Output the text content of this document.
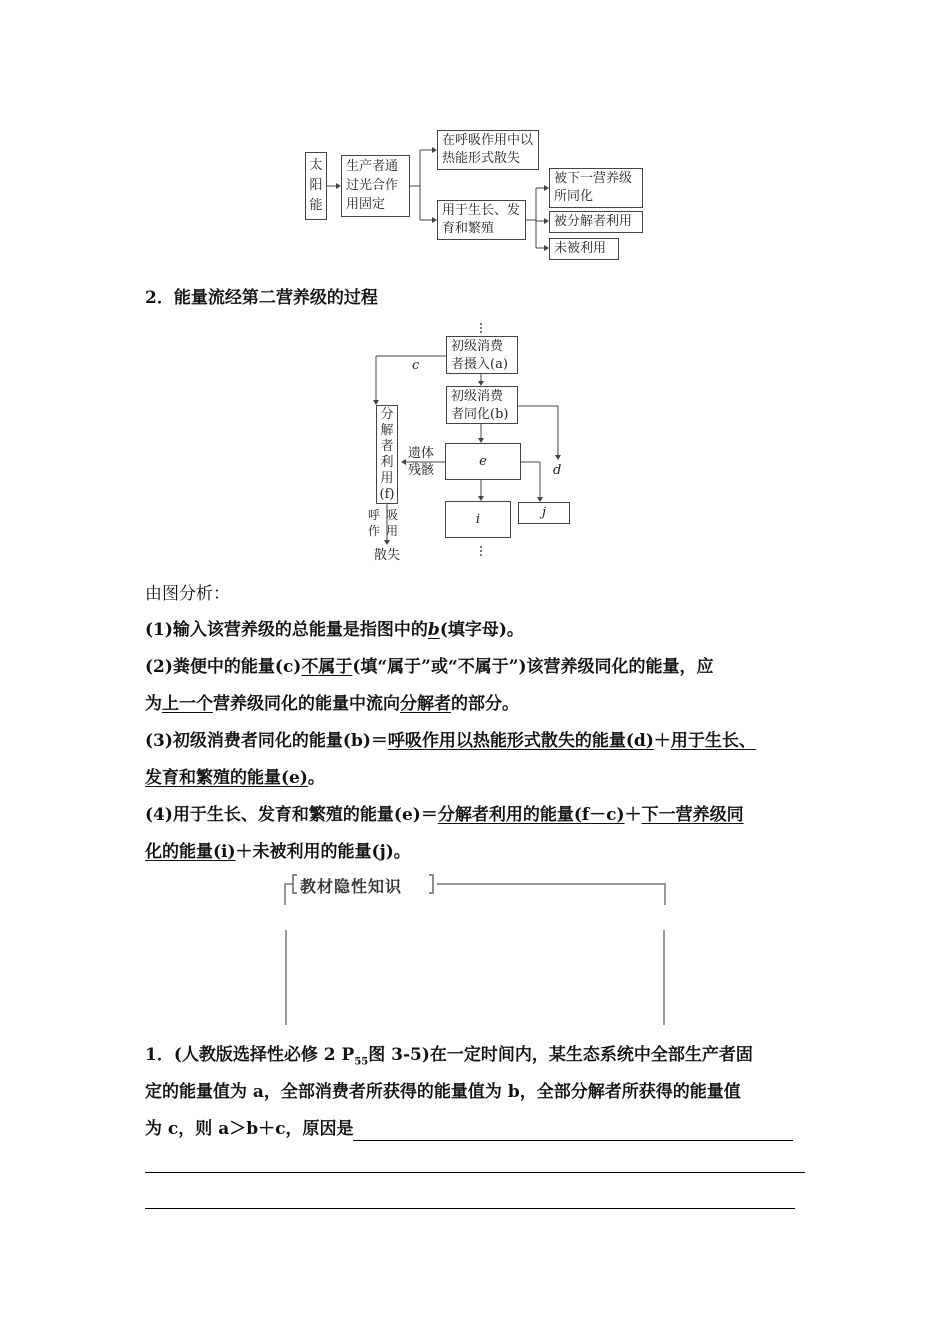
太阳能
生产者通过光合作用固定
在呼吸作用中以热能形式散失
用于生长、发育和繁殖
被下一营养级所同化
被分解者利用
未被利用
2．能量流经第二营养级的过程
初级消费者摄入(a)
初级消费者同化(b)
分解者利用(f)
e
i	j
c
d
遗体残骸
呼吸作用
散失
由图分析：
(1)输入该营养级的总能量是指图中的b(填字母)。
(2)粪便中的能量(c)不属于(填“属于”或“不属于”)该营养级同化的能量，应
为上一个营养级同化的能量中流向分解者的部分。
(3)初级消费者同化的能量(b)＝呼吸作用以热能形式散失的能量(d)＋用于生长、
发育和繁殖的能量(e)。
(4)用于生长、发育和繁殖的能量(e)＝分解者利用的能量(f－c)＋下一营养级同
化的能量(i)＋未被利用的能量(j)。
教材隐性知识
1．(人教版选择性必修 2 $P_{55}$图 3-5)在一定时间内，某生态系统中全部生产者固
定的能量值为 a，全部消费者所获得的能量值为 b，全部分解者所获得的能量值
为 c，则 a＞b＋c，原因是
